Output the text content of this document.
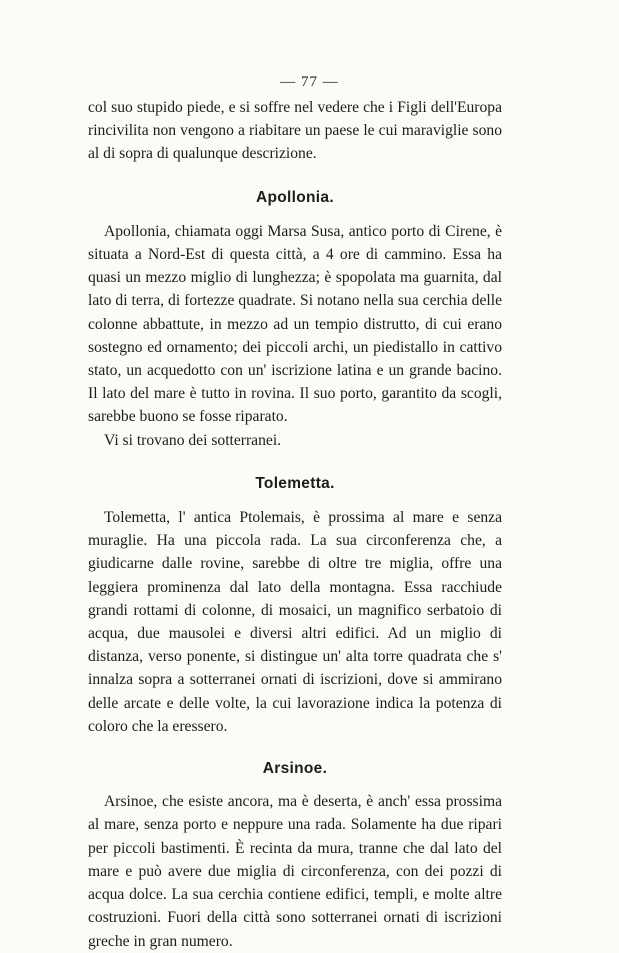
— 77 —

col suo stupido piede, e si soffre nel vedere che i Figli dell'Europa rincivilita non vengono a riabitare un paese le cui maraviglie sono al di sopra di qualunque descrizione.

Apollonia.

Apollonia, chiamata oggi Marsa Susa, antico porto di Cirene, è situata a Nord-Est di questa città, a 4 ore di cammino. Essa ha quasi un mezzo miglio di lunghezza; è spopolata ma guarnita, dal lato di terra, di fortezze quadrate. Si notano nella sua cerchia delle colonne abbattute, in mezzo ad un tempio distrutto, di cui erano sostegno ed ornamento; dei piccoli archi, un piedistallo in cattivo stato, un acquedotto con un' iscrizione latina e un grande bacino. Il lato del mare è tutto in rovina. Il suo porto, garantito da scogli, sarebbe buono se fosse riparato.

Vi si trovano dei sotterranei.

Tolemetta.

Tolemetta, l' antica Ptolemais, è prossima al mare e senza muraglie. Ha una piccola rada. La sua circonferenza che, a giudicarne dalle rovine, sarebbe di oltre tre miglia, offre una leggiera prominenza dal lato della montagna. Essa racchiude grandi rottami di colonne, di mosaici, un magnifico serbatoio di acqua, due mausolei e diversi altri edifici. Ad un miglio di distanza, verso ponente, si distingue un' alta torre quadrata che s' innalza sopra a sotterranei ornati di iscrizioni, dove si ammirano delle arcate e delle volte, la cui lavorazione indica la potenza di coloro che la eressero.

Arsinoe.

Arsinoe, che esiste ancora, ma è deserta, è anch' essa prossima al mare, senza porto e neppure una rada. Solamente ha due ripari per piccoli bastimenti. È recinta da mura, tranne che dal lato del mare e può avere due miglia di circonferenza, con dei pozzi di acqua dolce. La sua cerchia contiene edifici, templi, e molte altre costruzioni. Fuori della città sono sotterranei ornati di iscrizioni greche in gran numero.
